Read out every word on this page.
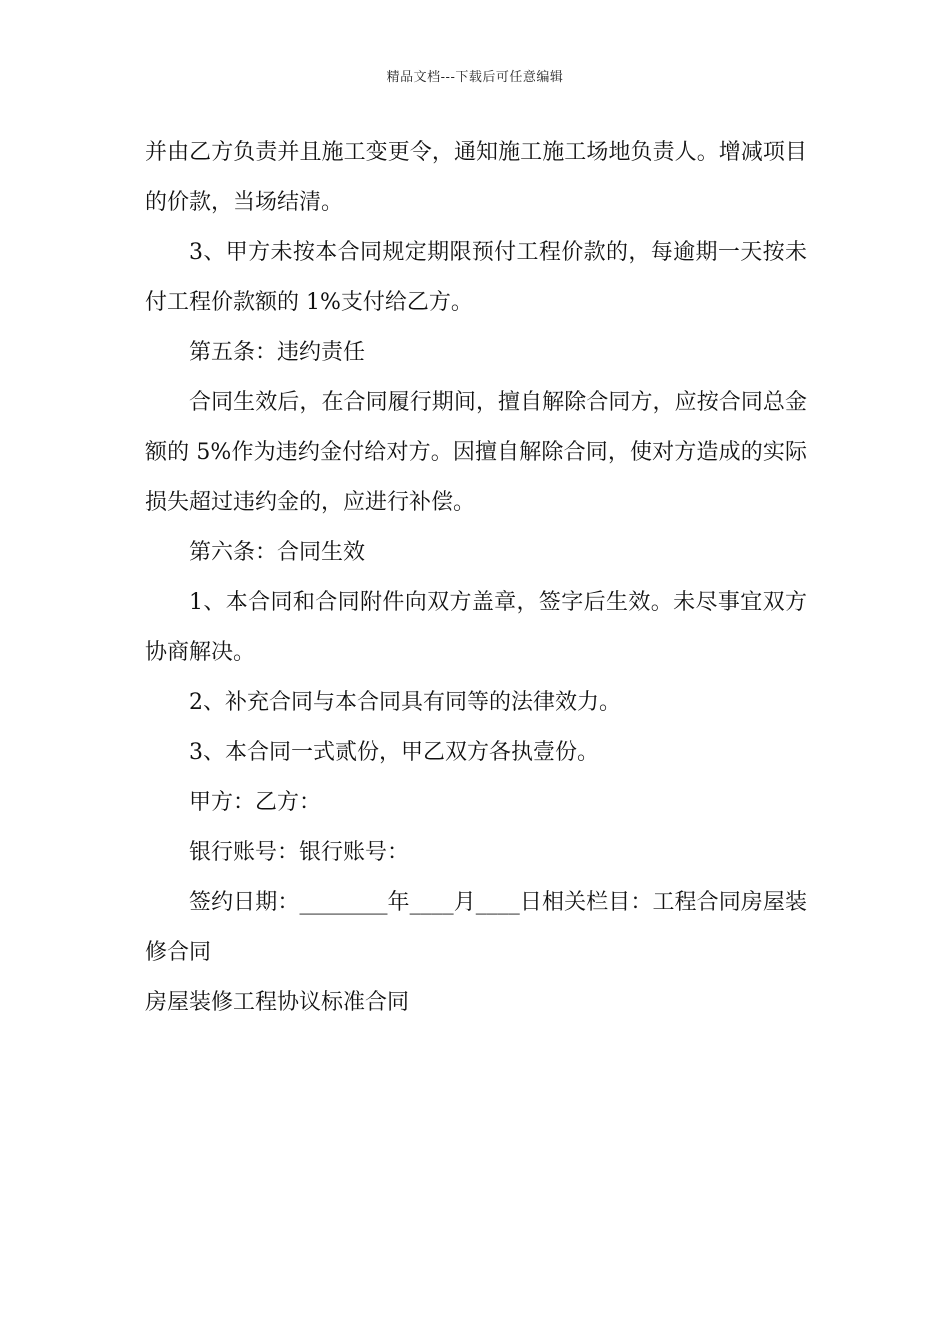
精品文档---下载后可任意编辑

并由乙方负责并且施工变更令，通知施工施工场地负责人。增减项目的价款，当场结清。

3、甲方未按本合同规定期限预付工程价款的，每逾期一天按未付工程价款额的 1%支付给乙方。

第五条：违约责任

合同生效后，在合同履行期间，擅自解除合同方，应按合同总金额的 5%作为违约金付给对方。因擅自解除合同，使对方造成的实际损失超过违约金的，应进行补偿。

第六条：合同生效

1、本合同和合同附件向双方盖章，签字后生效。未尽事宜双方协商解决。

2、补充合同与本合同具有同等的法律效力。

3、本合同一式贰份，甲乙双方各执壹份。

甲方：乙方：

银行账号：银行账号：

签约日期：________年____月____日相关栏目：工程合同房屋装修合同

房屋装修工程协议标准合同
